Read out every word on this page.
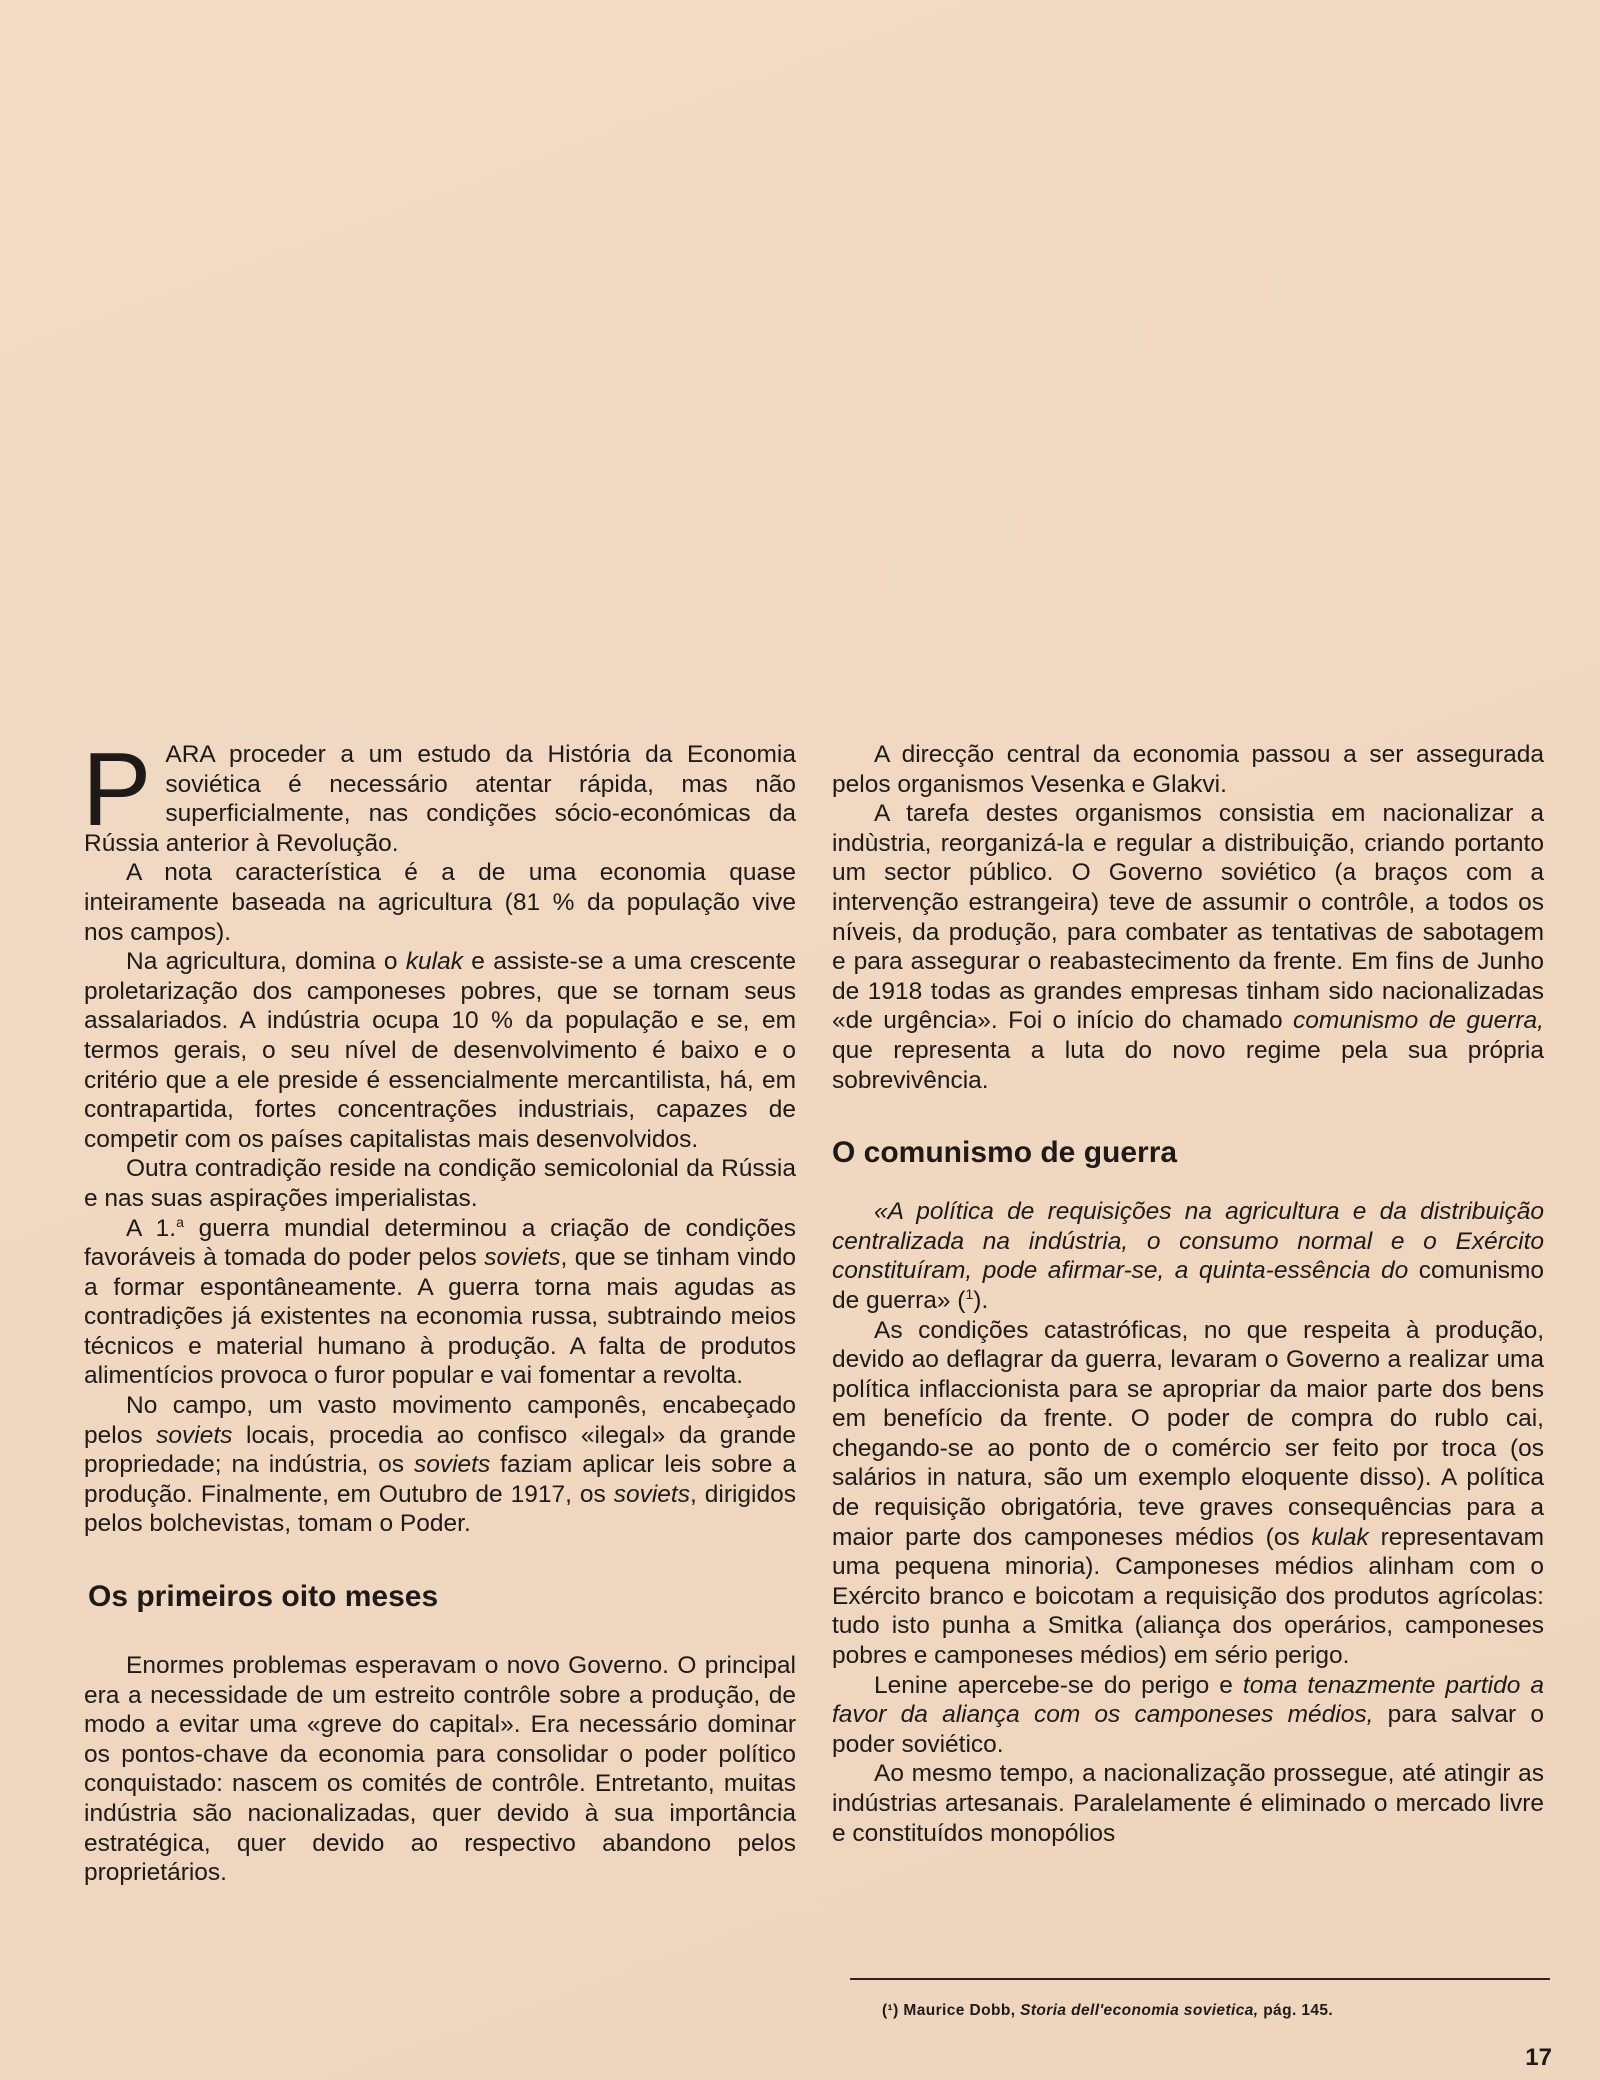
PARA proceder a um estudo da História da Economia soviética é necessário atentar rápida, mas não superficialmente, nas condições sócio-económicas da Rússia anterior à Revolução.

A nota característica é a de uma economia quase inteiramente baseada na agricultura (81 % da população vive nos campos).

Na agricultura, domina o kulak e assiste-se a uma crescente proletarização dos camponeses pobres, que se tornam seus assalariados. A indústria ocupa 10 % da população e se, em termos gerais, o seu nível de desenvolvimento é baixo e o critério que a ele preside é essencialmente mercantilista, há, em contrapartida, fortes concentrações industriais, capazes de competir com os países capitalistas mais desenvolvidos.

Outra contradição reside na condição semicolonial da Rússia e nas suas aspirações imperialistas.

A 1.$^a$ guerra mundial determinou a criação de condições favoráveis à tomada do poder pelos soviets, que se tinham vindo a formar espontâneamente. A guerra torna mais agudas as contradições já existentes na economia russa, subtraindo meios técnicos e material humano à produção. A falta de produtos alimentícios provoca o furor popular e vai fomentar a revolta.

No campo, um vasto movimento camponês, encabeçado pelos soviets locais, procedia ao confisco «ilegal» da grande propriedade; na indústria, os soviets faziam aplicar leis sobre a produção. Finalmente, em Outubro de 1917, os soviets, dirigidos pelos bolchevistas, tomam o Poder.

Os primeiros oito meses

Enormes problemas esperavam o novo Governo. O principal era a necessidade de um estreito contrôle sobre a produção, de modo a evitar uma «greve do capital». Era necessário dominar os pontos-chave da economia para consolidar o poder político conquistado: nascem os comités de contrôle. Entretanto, muitas indústria são nacionalizadas, quer devido à sua importância estratégica, quer devido ao respectivo abandono pelos proprietários.

A direcção central da economia passou a ser assegurada pelos organismos Vesenka e Glakvi.

A tarefa destes organismos consistia em nacionalizar a indùstria, reorganizá-la e regular a distribuição, criando portanto um sector público. O Governo soviético (a braços com a intervenção estrangeira) teve de assumir o contrôle, a todos os níveis, da produção, para combater as tentativas de sabotagem e para assegurar o reabastecimento da frente. Em fins de Junho de 1918 todas as grandes empresas tinham sido nacionalizadas «de urgência». Foi o início do chamado comunismo de guerra, que representa a luta do novo regime pela sua própria sobrevivência.

O comunismo de guerra

«A política de requisições na agricultura e da distribuição centralizada na indústria, o consumo normal e o Exército constituíram, pode afirmar-se, a quinta-essência do comunismo de guerra» ($^1$).

As condições catastróficas, no que respeita à produção, devido ao deflagrar da guerra, levaram o Governo a realizar uma política inflaccionista para se apropriar da maior parte dos bens em benefício da frente. O poder de compra do rublo cai, chegando-se ao ponto de o comércio ser feito por troca (os salários in natura, são um exemplo eloquente disso). A política de requisição obrigatória, teve graves consequências para a maior parte dos camponeses médios (os kulak representavam uma pequena minoria). Camponeses médios alinham com o Exército branco e boicotam a requisição dos produtos agrícolas: tudo isto punha a Smitka (aliança dos operários, camponeses pobres e camponeses médios) em sério perigo.

Lenine apercebe-se do perigo e toma tenazmente partido a favor da aliança com os camponeses médios, para salvar o poder soviético.

Ao mesmo tempo, a nacionalização prossegue, até atingir as indústrias artesanais. Paralelamente é eliminado o mercado livre e constituídos monopólios

(¹) Maurice Dobb, Storia dell'economia sovietica, pág. 145.
17
